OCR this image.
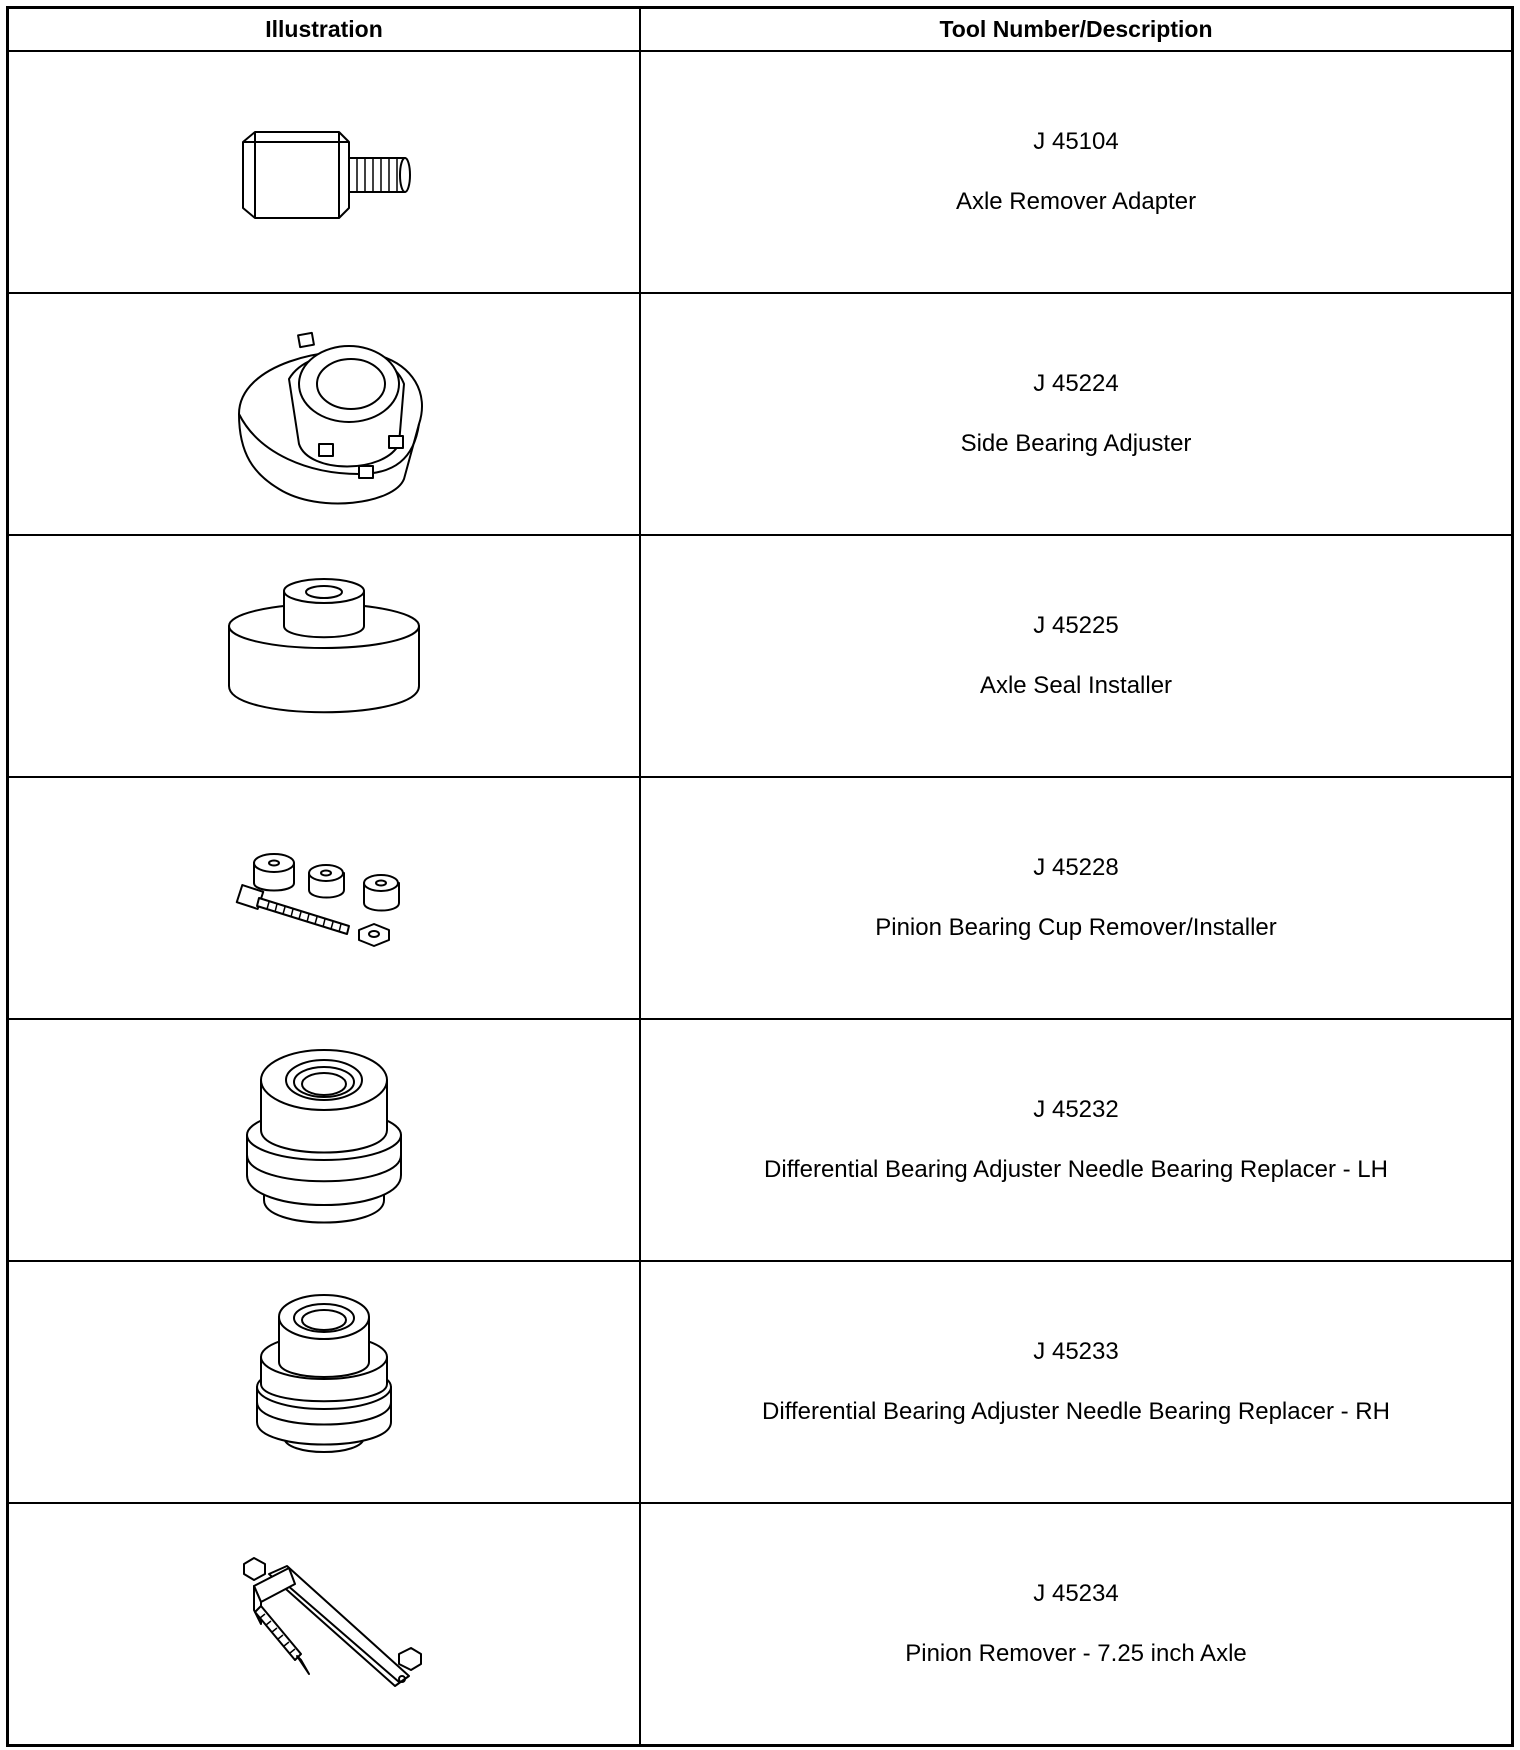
Illustration	Tool Number/Description

J 45104
Axle Remover Adapter

J 45224
Side Bearing Adjuster

J 45225
Axle Seal Installer

J 45228
Pinion Bearing Cup Remover/Installer

J 45232
Differential Bearing Adjuster Needle Bearing Replacer - LH

J 45233
Differential Bearing Adjuster Needle Bearing Replacer - RH

J 45234
Pinion Remover - 7.25 inch Axle
